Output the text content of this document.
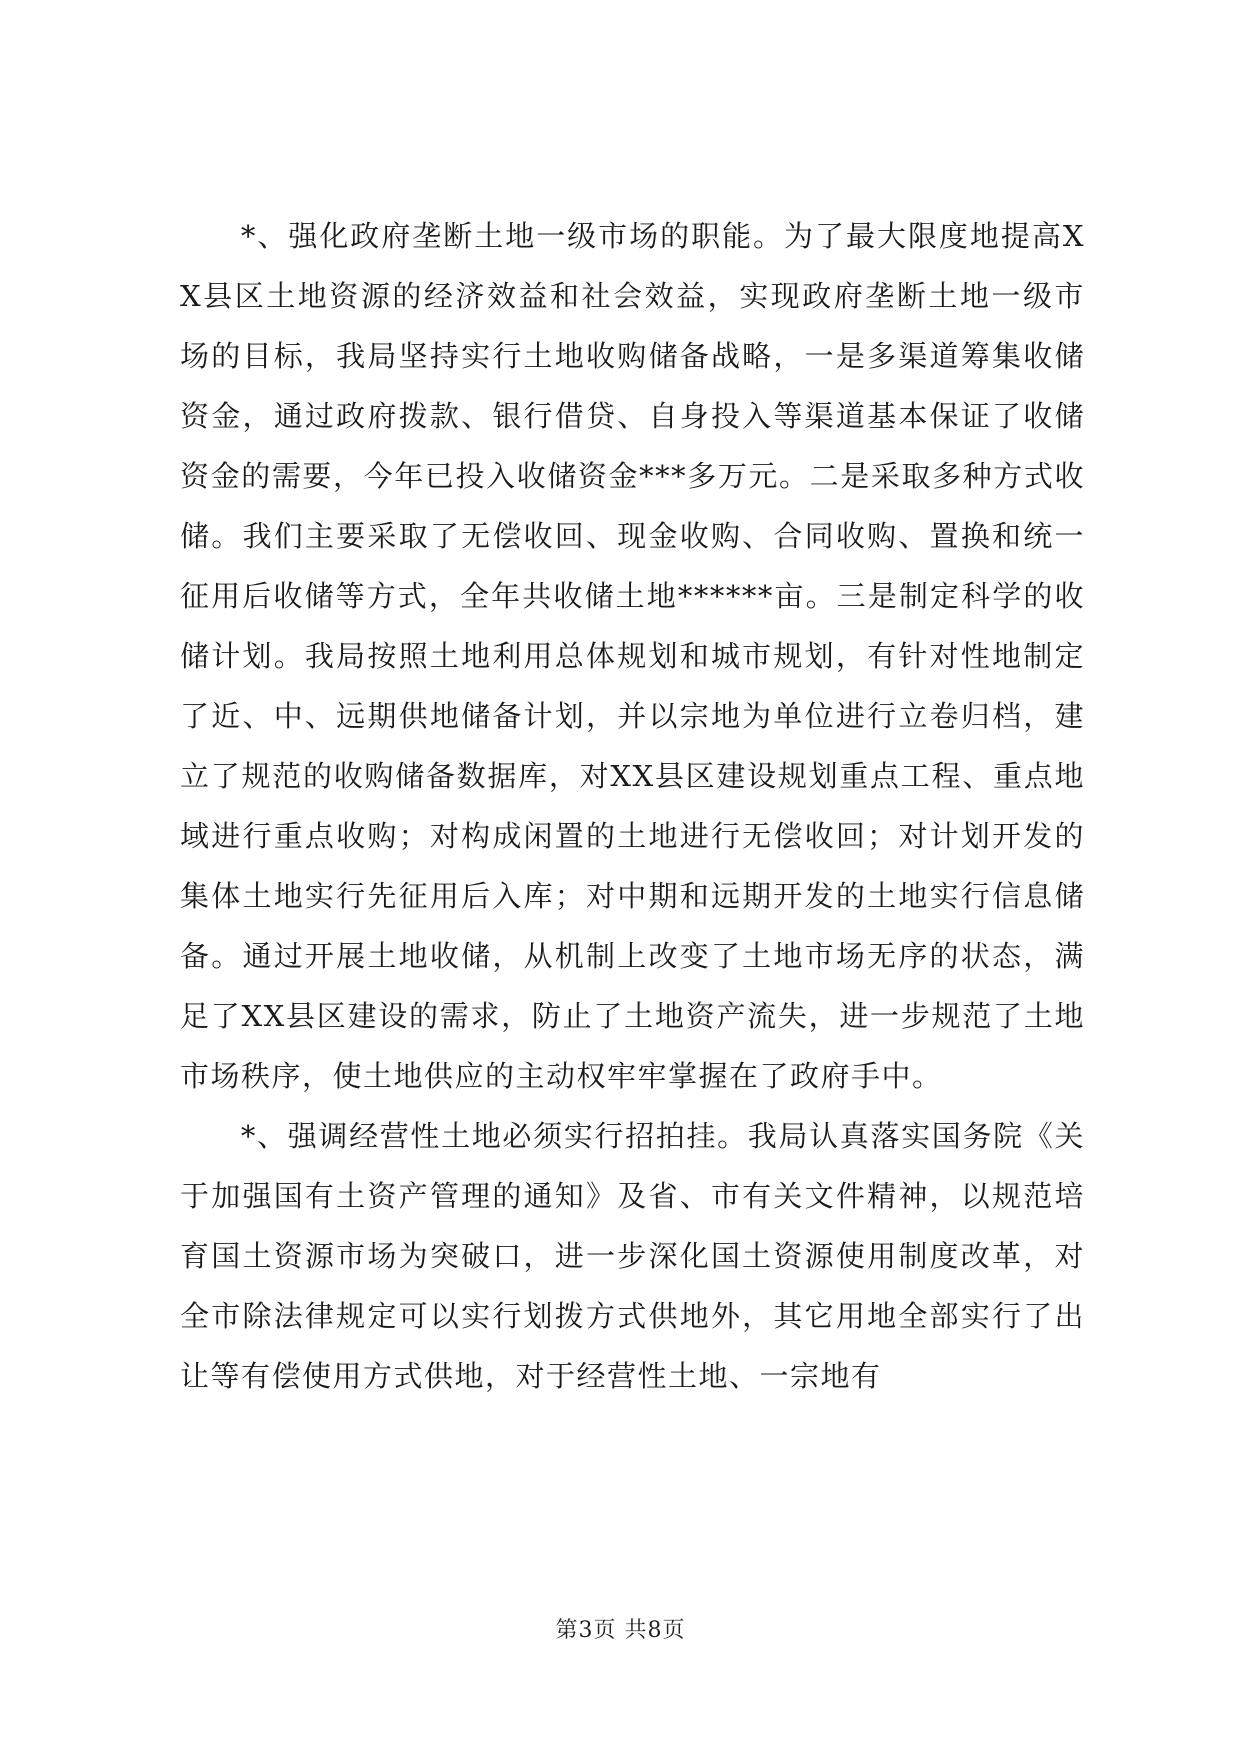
*、强化政府垄断土地一级市场的职能。为了最大限度地提高XX县区土地资源的经济效益和社会效益，实现政府垄断土地一级市场的目标，我局坚持实行土地收购储备战略，一是多渠道筹集收储资金，通过政府拨款、银行借贷、自身投入等渠道基本保证了收储资金的需要，今年已投入收储资金***多万元。二是采取多种方式收储。我们主要采取了无偿收回、现金收购、合同收购、置换和统一征用后收储等方式，全年共收储土地******亩。三是制定科学的收储计划。我局按照土地利用总体规划和城市规划，有针对性地制定了近、中、远期供地储备计划，并以宗地为单位进行立卷归档，建立了规范的收购储备数据库，对XX县区建设规划重点工程、重点地域进行重点收购；对构成闲置的土地进行无偿收回；对计划开发的集体土地实行先征用后入库；对中期和远期开发的土地实行信息储备。通过开展土地收储，从机制上改变了土地市场无序的状态，满足了XX县区建设的需求，防止了土地资产流失，进一步规范了土地市场秩序，使土地供应的主动权牢牢掌握在了政府手中。

*、强调经营性土地必须实行招拍挂。我局认真落实国务院《关于加强国有土资产管理的通知》及省、市有关文件精神，以规范培育国土资源市场为突破口，进一步深化国土资源使用制度改革，对全市除法律规定可以实行划拨方式供地外，其它用地全部实行了出让等有偿使用方式供地，对于经营性土地、一宗地有

第3页 共8页
